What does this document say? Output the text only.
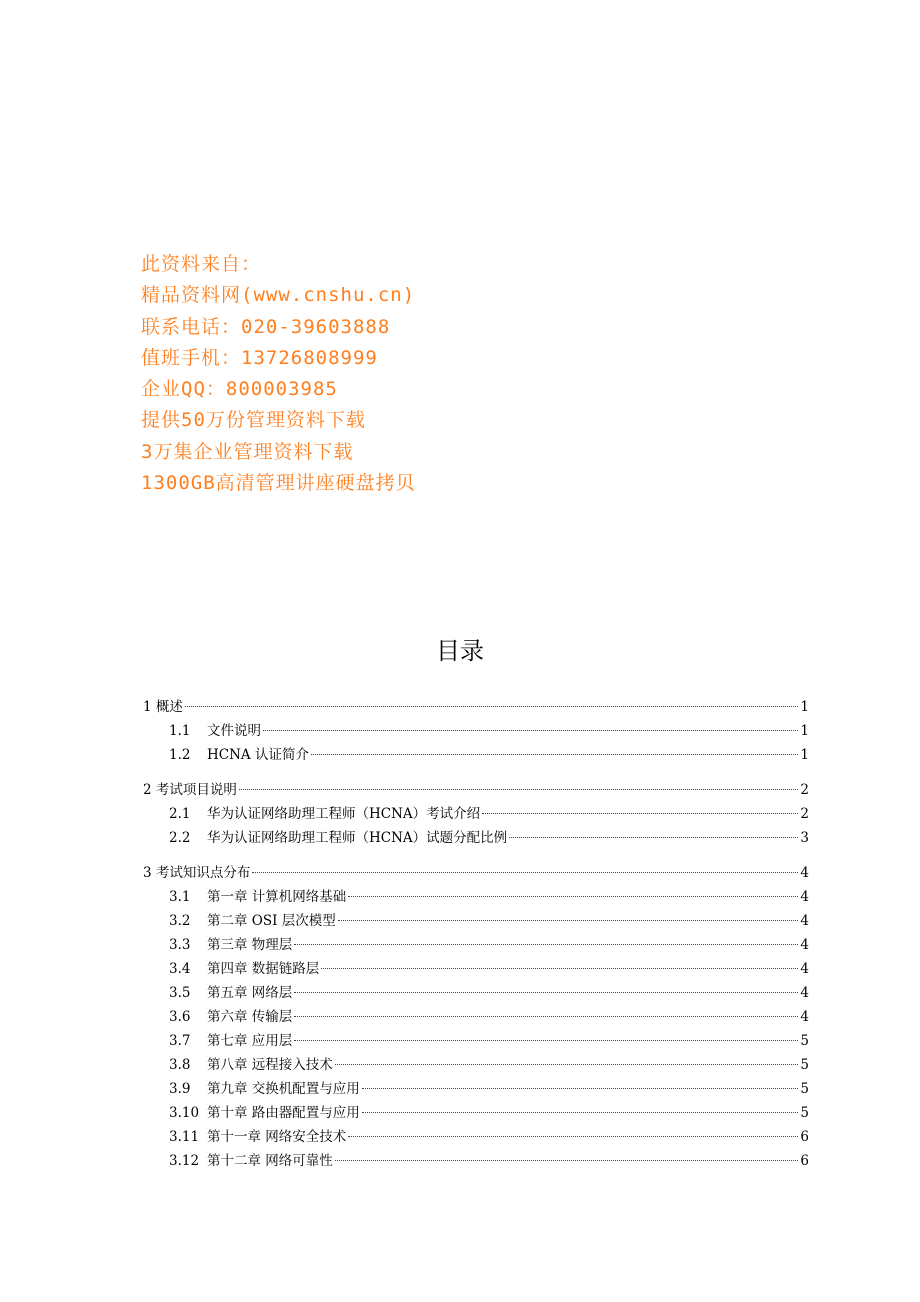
此资料来自：
精品资料网(www.cnshu.cn)
联系电话：020-39603888
值班手机：13726808999
企业QQ：800003985
提供50万份管理资料下载
3万集企业管理资料下载
1300GB高清管理讲座硬盘拷贝
目录
1 概述	1
1.1	文件说明	1
1.2	HCNA 认证简介	1
2 考试项目说明	2
2.1	华为认证网络助理工程师（HCNA）考试介绍	2
2.2	华为认证网络助理工程师（HCNA）试题分配比例	3
3 考试知识点分布	4
3.1	第一章 计算机网络基础	4
3.2	第二章 OSI 层次模型	4
3.3	第三章 物理层	4
3.4	第四章 数据链路层	4
3.5	第五章 网络层	4
3.6	第六章 传输层	4
3.7	第七章 应用层	5
3.8	第八章 远程接入技术	5
3.9	第九章 交换机配置与应用	5
3.10 第十章 路由器配置与应用	5
3.11 第十一章 网络安全技术	6
3.12 第十二章 网络可靠性	6
